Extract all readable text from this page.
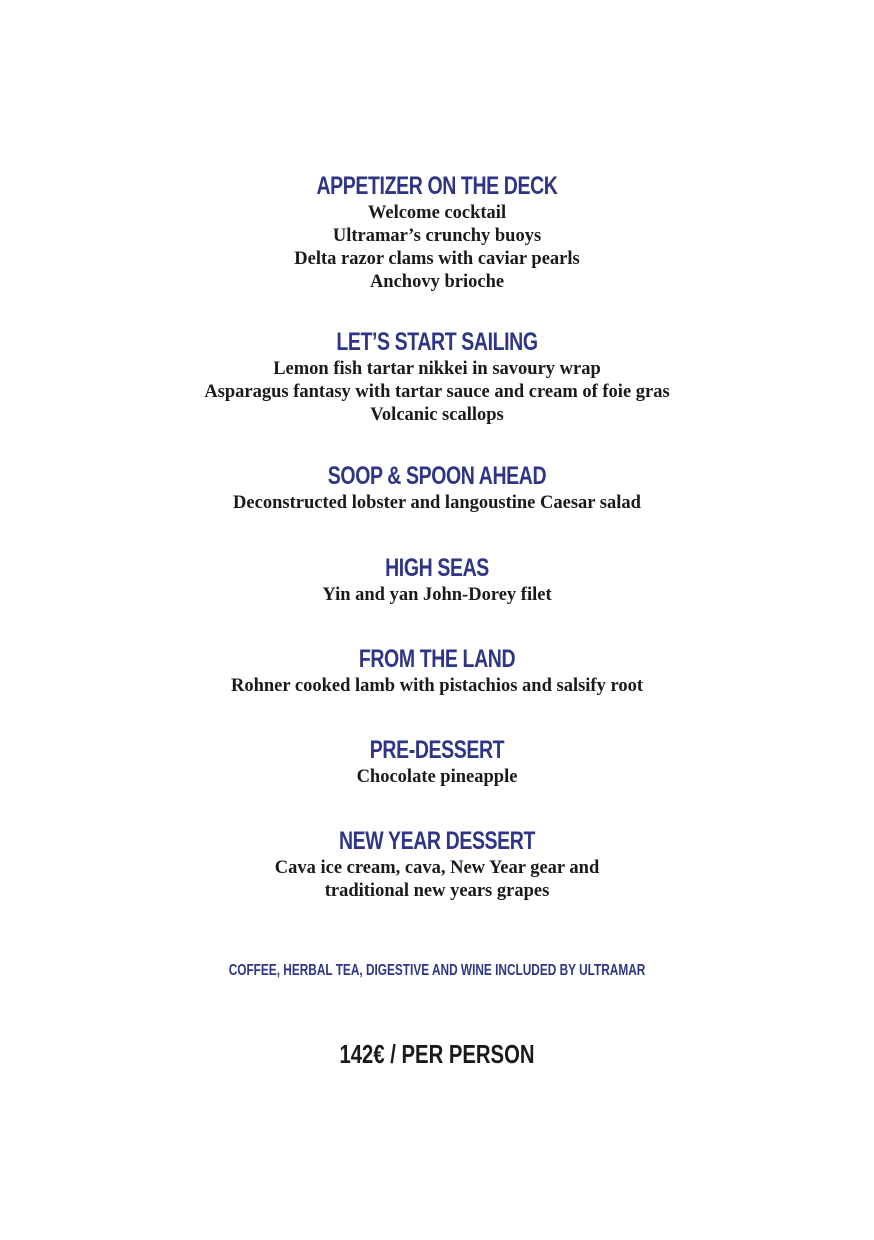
APPETIZER ON THE DECK
Welcome cocktail
Ultramar’s crunchy buoys
Delta razor clams with caviar pearls
Anchovy brioche
LET’S START SAILING
Lemon fish tartar nikkei in savoury wrap
Asparagus fantasy with tartar sauce and cream of foie gras
Volcanic scallops
SOOP & SPOON AHEAD
Deconstructed lobster and langoustine Caesar salad
HIGH SEAS
Yin and yan John-Dorey filet
FROM THE LAND
Rohner cooked lamb with pistachios and salsify root
PRE-DESSERT
Chocolate pineapple
NEW YEAR DESSERT
Cava ice cream, cava, New Year gear and
traditional new years grapes
COFFEE, HERBAL TEA, DIGESTIVE AND WINE INCLUDED BY ULTRAMAR
142€ / PER PERSON
